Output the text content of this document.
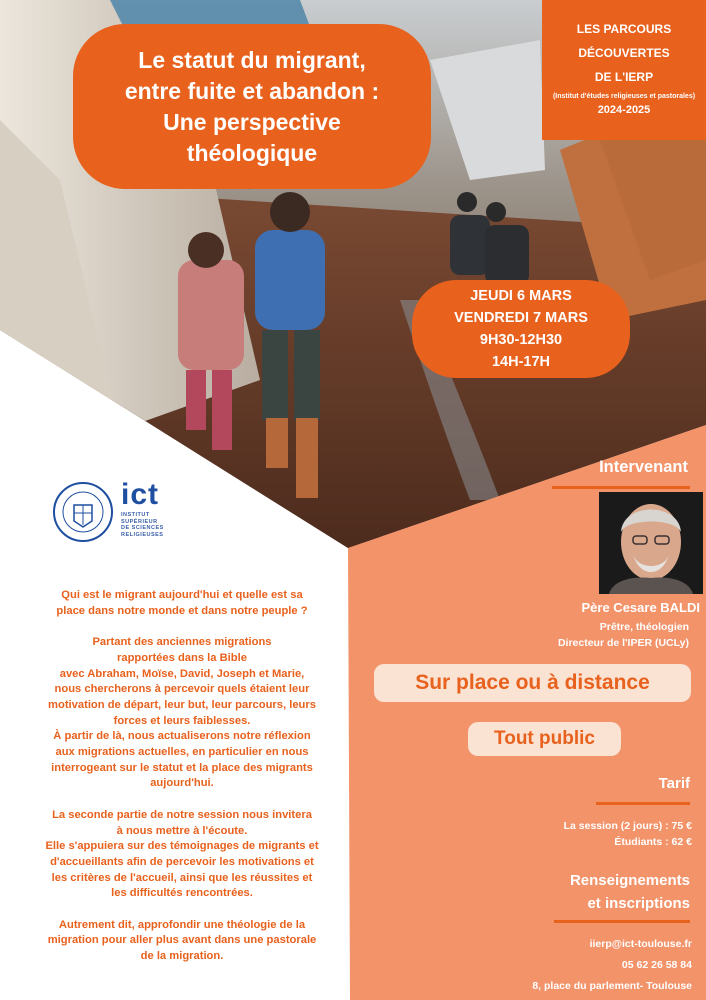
Le statut du migrant,
entre fuite et abandon :
Une perspective
théologique
LES PARCOURS
DÉCOUVERTES
DE L'IERP
(Institut d'études religieuses et pastorales)
2024-2025
JEUDI 6 MARS
VENDREDI 7 MARS
9H30-12H30
14H-17H
ict
INSTITUT
SUPÉRIEUR
DE SCIENCES
RELIGIEUSES

Qui est le migrant aujourd'hui et quelle est sa
place dans notre monde et dans notre peuple ?

Partant des anciennes migrations
rapportées dans la Bible
avec Abraham, Moïse, David, Joseph et Marie,
nous chercherons à percevoir quels étaient leur
motivation de départ, leur but, leur parcours, leurs
forces et leurs faiblesses.
À partir de là, nous actualiserons notre réflexion
aux migrations actuelles, en particulier en nous
interrogeant sur le statut et la place des migrants
aujourd'hui.

La seconde partie de notre session nous invitera
à nous mettre à l'écoute.
Elle s'appuiera sur des témoignages de migrants et
d'accueillants afin de percevoir les motivations et
les critères de l'accueil, ainsi que les réussites et
les difficultés rencontrées.

Autrement dit, approfondir une théologie de la
migration pour aller plus avant dans une pastorale
de la migration.

Intervenant
Père Cesare BALDI
Prêtre, théologien
Directeur de l'IPER (UCLy)
Sur place ou à distance
Tout public
Tarif
La session (2 jours) : 75 €
Étudiants : 62 €
Renseignements
et inscriptions
iierp@ict-toulouse.fr
05 62 26 58 84
8, place du parlement- Toulouse
